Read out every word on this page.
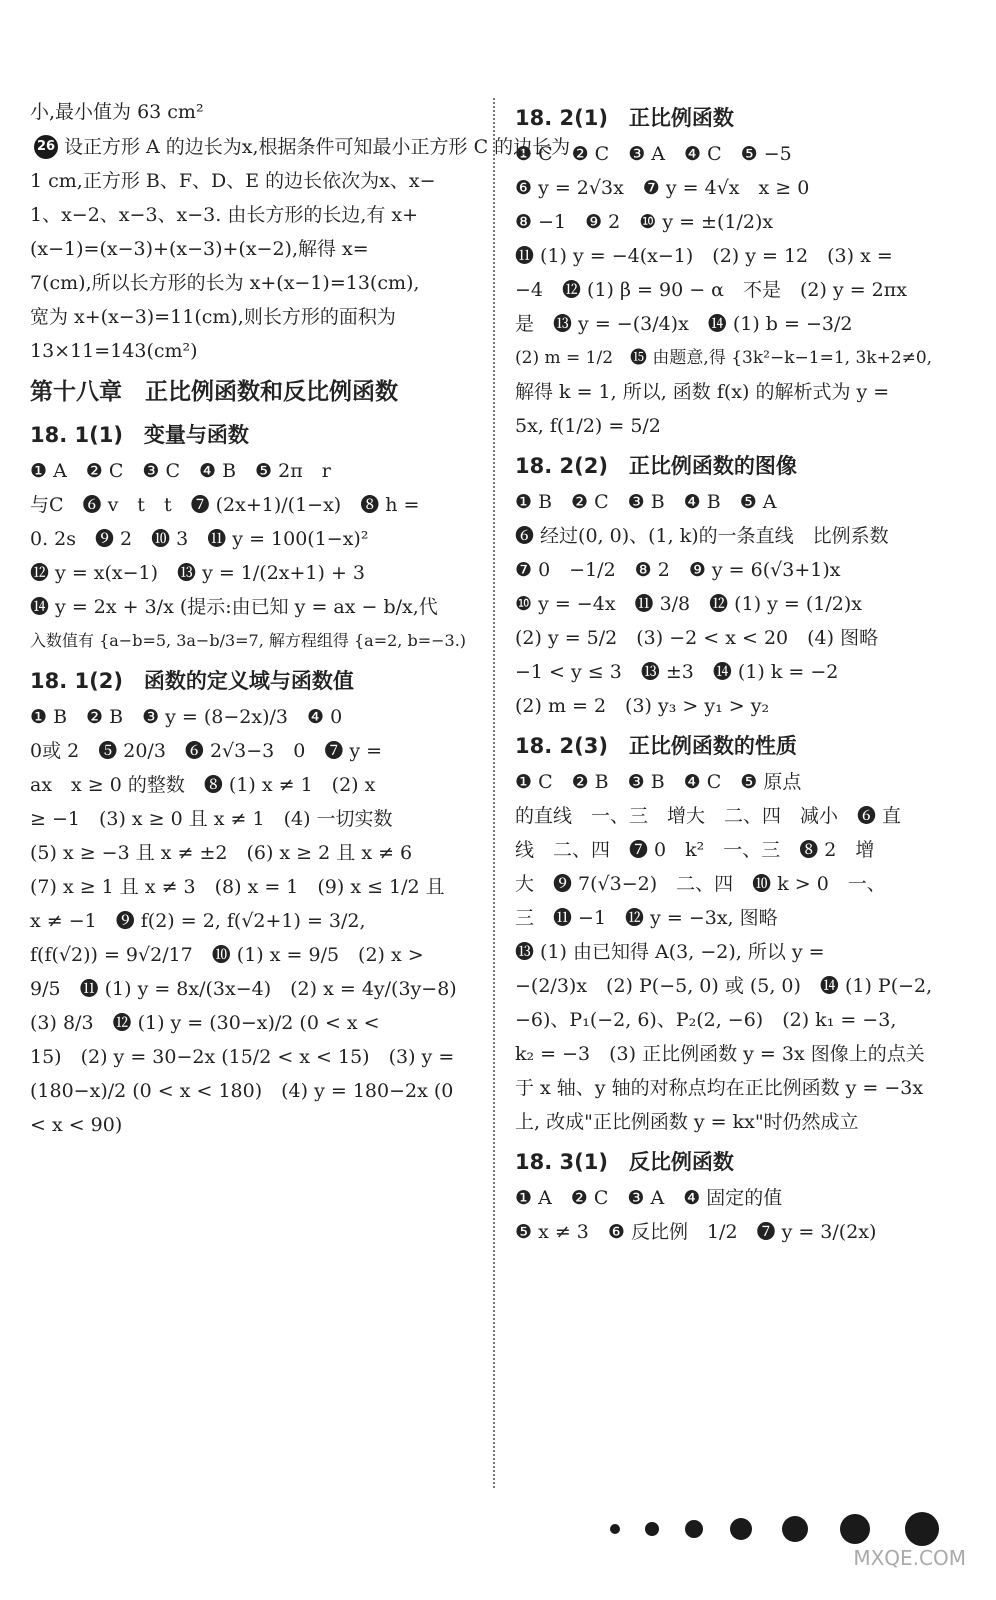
小,最小值为 63 cm²
26 设正方形 A 的边长为x,根据条件可知最小正方形 C 的边长为
1 cm,正方形 B、F、D、E 的边长依次为x、x−
1、x−2、x−3、x−3. 由长方形的长边,有 x+
(x−1)=(x−3)+(x−3)+(x−2),解得 x=
7(cm),所以长方形的长为 x+(x−1)=13(cm),
宽为 x+(x−3)=11(cm),则长方形的面积为
13×11=143(cm²)
第十八章　正比例函数和反比例函数
18. 1(1)　变量与函数
❶ A　❷ C　❸ C　❹ B　❺ 2π　r
与C　❻ v　t　t　❼ (2x+1)/(1−x)　❽ h =
0. 2s　❾ 2　❿ 3　⓫ y = 100(1−x)²
⓬ y = x(x−1)　⓭ y = 1/(2x+1) + 3
⓮ y = 2x + 3/x (提示:由已知 y = ax − b/x,代
入数值有 {a−b=5, 3a−b/3=7, 解方程组得 {a=2, b=−3.)
18. 1(2)　函数的定义域与函数值
❶ B　❷ B　❸ y = (8−2x)/3　❹ 0
0或 2　❺ 20/3　❻ 2√3−3　0　❼ y =
ax　x ≥ 0 的整数　❽ (1) x ≠ 1　(2) x
≥ −1　(3) x ≥ 0 且 x ≠ 1　(4) 一切实数
(5) x ≥ −3 且 x ≠ ±2　(6) x ≥ 2 且 x ≠ 6
(7) x ≥ 1 且 x ≠ 3　(8) x = 1　(9) x ≤ 1/2 且
x ≠ −1　❾ f(2) = 2, f(√2+1) = 3/2,
f(f(√2)) = 9√2/17　❿ (1) x = 9/5　(2) x >
9/5　⓫ (1) y = 8x/(3x−4)　(2) x = 4y/(3y−8)
(3) 8/3　⓬ (1) y = (30−x)/2 (0 < x <
15)　(2) y = 30−2x (15/2 < x < 15)　(3) y =
(180−x)/2 (0 < x < 180)　(4) y = 180−2x (0
< x < 90)
18. 2(1)　正比例函数
❶ C　❷ C　❸ A　❹ C　❺ −5
❻ y = 2√3x　❼ y = 4√x　x ≥ 0
❽ −1　❾ 2　❿ y = ±(1/2)x
⓫ (1) y = −4(x−1)　(2) y = 12　(3) x =
−4　⓬ (1) β = 90 − α　不是　(2) y = 2πx
是　⓭ y = −(3/4)x　⓮ (1) b = −3/2
(2) m = 1/2　⓯ 由题意,得 {3k²−k−1=1, 3k+2≠0,
解得 k = 1, 所以, 函数 f(x) 的解析式为 y =
5x, f(1/2) = 5/2
18. 2(2)　正比例函数的图像
❶ B　❷ C　❸ B　❹ B　❺ A
❻ 经过(0, 0)、(1, k)的一条直线　比例系数
❼ 0　−1/2　❽ 2　❾ y = 6(√3+1)x
❿ y = −4x　⓫ 3/8　⓬ (1) y = (1/2)x
(2) y = 5/2　(3) −2 < x < 20　(4) 图略
−1 < y ≤ 3　⓭ ±3　⓮ (1) k = −2
(2) m = 2　(3) y₃ > y₁ > y₂
18. 2(3)　正比例函数的性质
❶ C　❷ B　❸ B　❹ C　❺ 原点
的直线　一、三　增大　二、四　减小　❻ 直
线　二、四　❼ 0　k²　一、三　❽ 2　增
大　❾ 7(√3−2)　二、四　❿ k > 0　一、
三　⓫ −1　⓬ y = −3x, 图略
⓭ (1) 由已知得 A(3, −2), 所以 y =
−(2/3)x　(2) P(−5, 0) 或 (5, 0)　⓮ (1) P(−2,
−6)、P₁(−2, 6)、P₂(2, −6)　(2) k₁ = −3,
k₂ = −3　(3) 正比例函数 y = 3x 图像上的点关
于 x 轴、y 轴的对称点均在正比例函数 y = −3x
上, 改成"正比例函数 y = kx"时仍然成立
18. 3(1)　反比例函数
❶ A　❷ C　❸ A　❹ 固定的值
❺ x ≠ 3　❻ 反比例　1/2　❼ y = 3/(2x)
MXQE.COM
